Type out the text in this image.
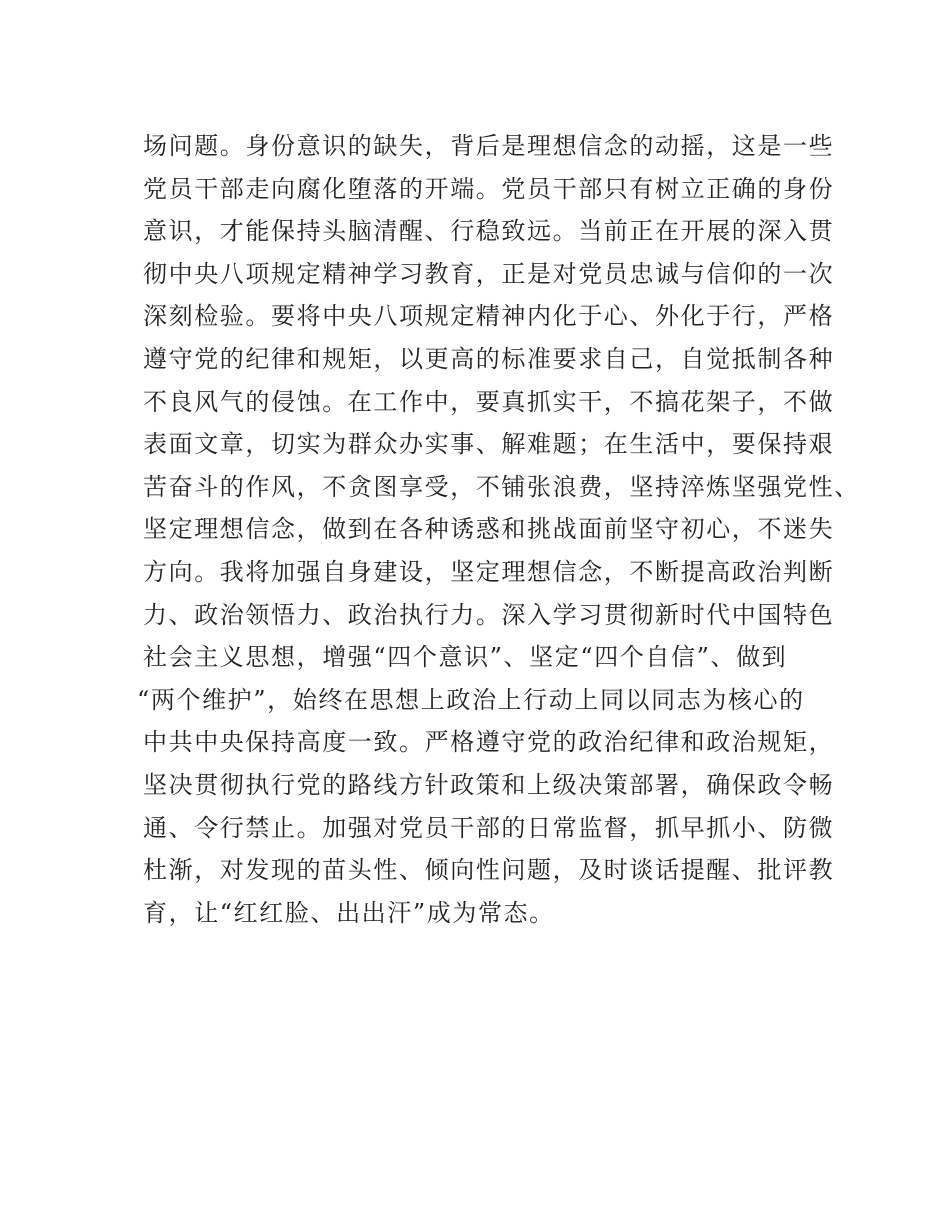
场问题。身份意识的缺失，背后是理想信念的动摇，这是一些
党员干部走向腐化堕落的开端。党员干部只有树立正确的身份
意识，才能保持头脑清醒、行稳致远。当前正在开展的深入贯
彻中央八项规定精神学习教育，正是对党员忠诚与信仰的一次
深刻检验。要将中央八项规定精神内化于心、外化于行，严格
遵守党的纪律和规矩，以更高的标准要求自己，自觉抵制各种
不良风气的侵蚀。在工作中，要真抓实干，不搞花架子，不做
表面文章，切实为群众办实事、解难题；在生活中，要保持艰
苦奋斗的作风，不贪图享受，不铺张浪费，坚持淬炼坚强党性、
坚定理想信念，做到在各种诱惑和挑战面前坚守初心，不迷失
方向。我将加强自身建设，坚定理想信念，不断提高政治判断
力、政治领悟力、政治执行力。深入学习贯彻新时代中国特色
社会主义思想，增强“四个意识”、坚定“四个自信”、做到
“两个维护”，始终在思想上政治上行动上同以同志为核心的
中共中央保持高度一致。严格遵守党的政治纪律和政治规矩，
坚决贯彻执行党的路线方针政策和上级决策部署，确保政令畅
通、令行禁止。加强对党员干部的日常监督，抓早抓小、防微
杜渐，对发现的苗头性、倾向性问题，及时谈话提醒、批评教
育，让“红红脸、出出汗”成为常态。
